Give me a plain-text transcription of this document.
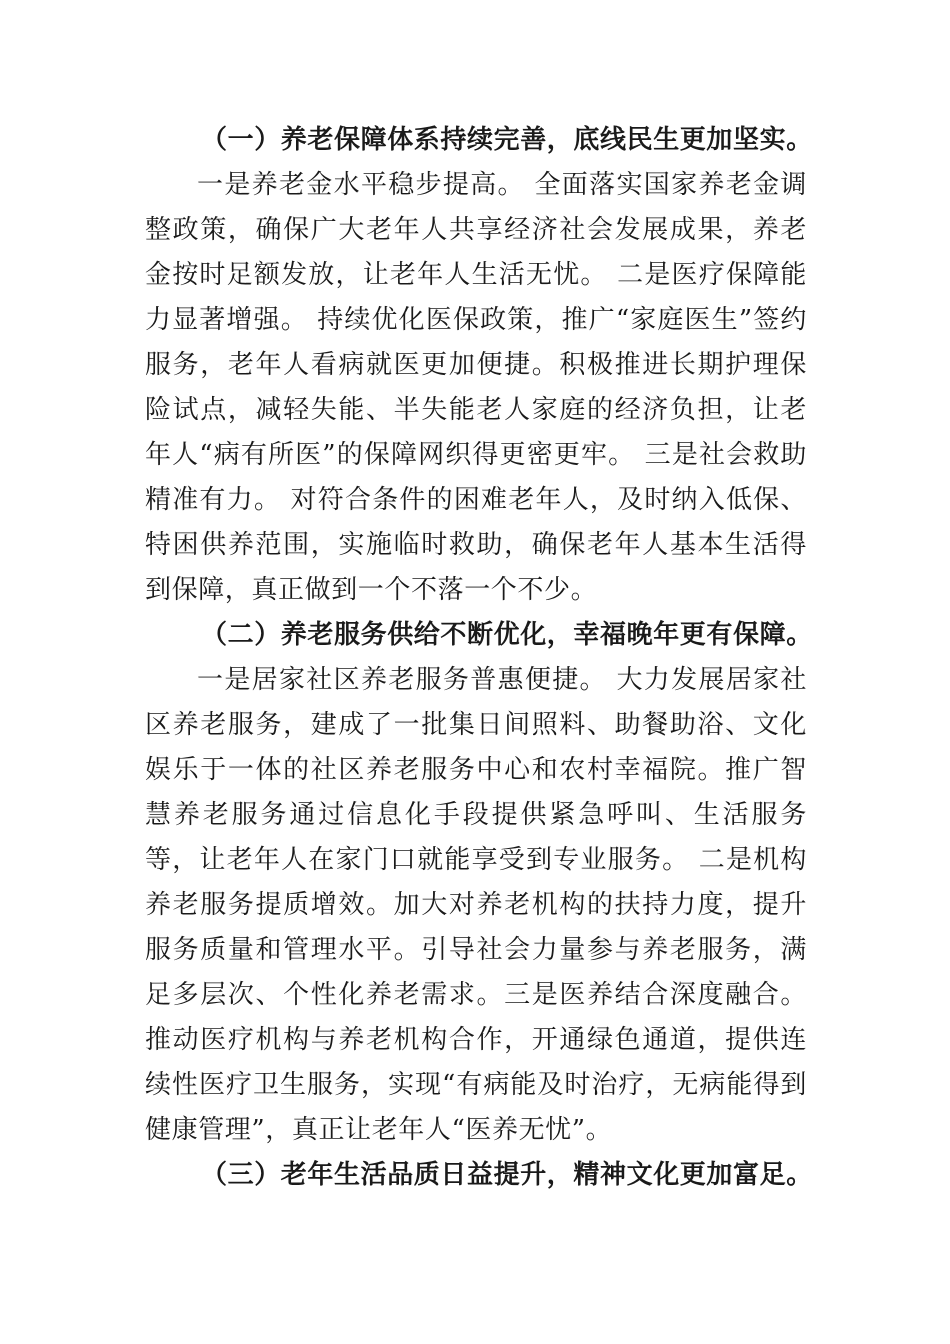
（一）养老保障体系持续完善，底线民生更加坚实。

一是养老金水平稳步提高。 全面落实国家养老金调整政策，确保广大老年人共享经济社会发展成果，养老金按时足额发放，让老年人生活无忧。 二是医疗保障能力显著增强。 持续优化医保政策，推广“家庭医生”签约服务，老年人看病就医更加便捷。积极推进长期护理保险试点，减轻失能、半失能老人家庭的经济负担，让老年人“病有所医”的保障网织得更密更牢。 三是社会救助精准有力。 对符合条件的困难老年人，及时纳入低保、特困供养范围，实施临时救助，确保老年人基本生活得到保障，真正做到一个不落一个不少。

（二）养老服务供给不断优化，幸福晚年更有保障。

一是居家社区养老服务普惠便捷。 大力发展居家社区养老服务，建成了一批集日间照料、助餐助浴、文化娱乐于一体的社区养老服务中心和农村幸福院。推广智慧养老服务通过信息化手段提供紧急呼叫、生活服务等，让老年人在家门口就能享受到专业服务。 二是机构养老服务提质增效。加大对养老机构的扶持力度，提升服务质量和管理水平。引导社会力量参与养老服务，满足多层次、个性化养老需求。三是医养结合深度融合。 推动医疗机构与养老机构合作，开通绿色通道，提供连续性医疗卫生服务，实现“有病能及时治疗，无病能得到健康管理”，真正让老年人“医养无忧”。

（三）老年生活品质日益提升，精神文化更加富足。
